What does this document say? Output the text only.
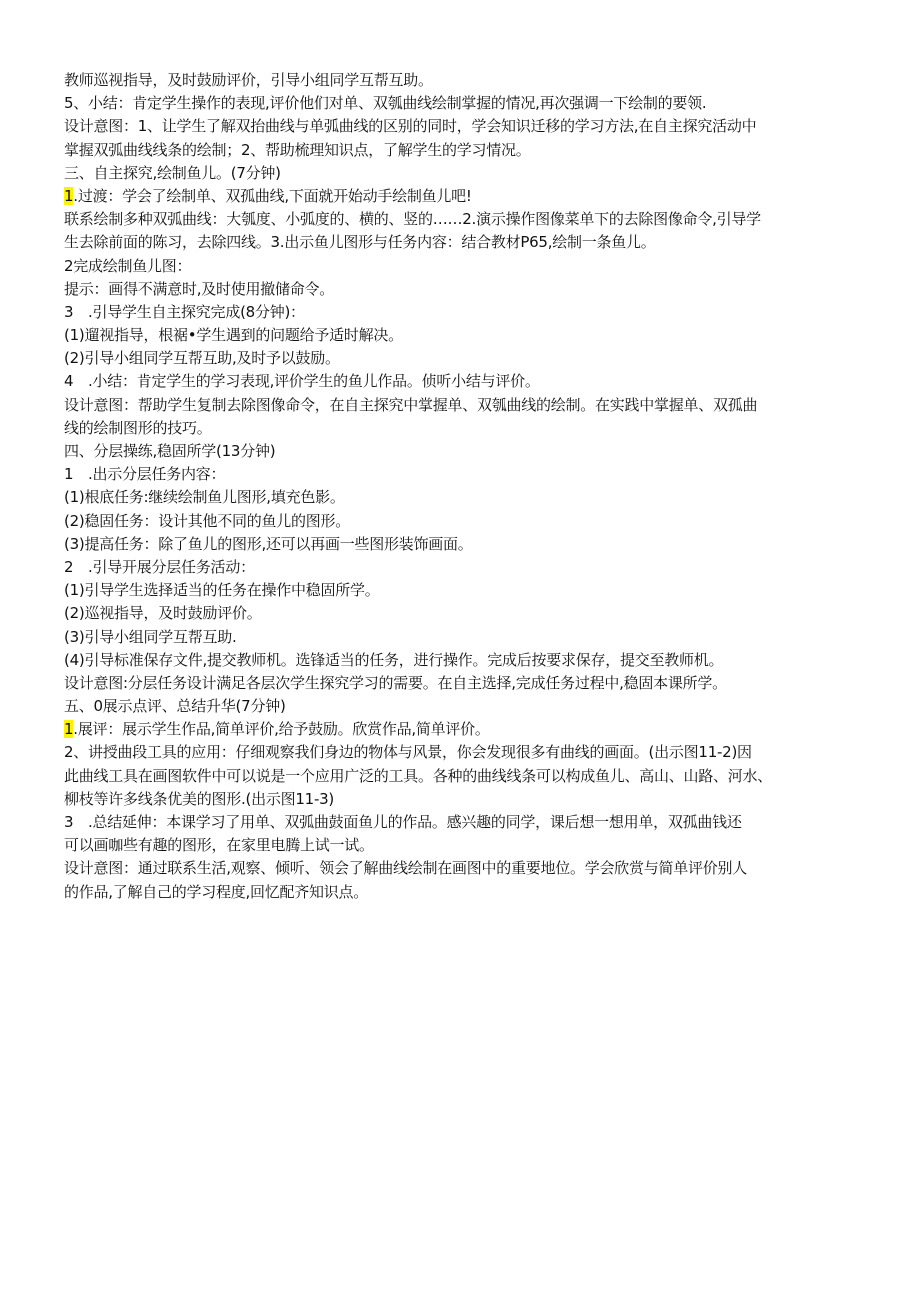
教师巡视指导，及时鼓励评价，引导小组同学互帮互助。
5、小结：肯定学生操作的表现,评价他们对单、双瓠曲线绘制掌握的情况,再次强调一下绘制的要领.
设计意图：1、让学生了解双抬曲线与单弧曲线的区别的同时，学会知识迁移的学习方法,在自主探究活动中
掌握双弧曲线线条的绘制；2、帮助梳理知识点，了解学生的学习情况。
三、自主探究,绘制鱼儿。(7分钟)
1.过渡：学会了绘制单、双孤曲线,下面就开始动手绘制鱼儿吧!
联系绘制多种双弧曲线：大瓠度、小弧度的、横的、竖的……2.演示操作图像菜单下的去除图像命令,引导学
生去除前面的陈习，去除四线。3.出示鱼儿图形与任务内容：结合教材P65,绘制一条鱼儿。
2完成绘制鱼儿图：
提示：画得不满意时,及时使用撤储命令。
3　.引导学生自主探究完成(8分钟)：
(1)遛视指导，根裾•学生遇到的问题给予适时解决。
(2)引导小组同学互帮互助,及时予以鼓励。
4　.小结：肯定学生的学习表现,评价学生的鱼儿作品。侦听小结与评价。
设计意图：帮助学生复制去除图像命令，在自主探究中掌握单、双瓠曲线的绘制。在实践中掌握单、双孤曲
线的绘制图形的技巧。
四、分层操练,稳固所学(13分钟)
1　.出示分层任务内容：
(1)根底任务:继续绘制鱼儿图形,填充色影。
(2)稳固任务：设计其他不同的鱼儿的图形。
(3)提高任务：除了鱼儿的图形,还可以再画一些图形装饰画面。
2　.引导开展分层任务活动：
(1)引导学生选择适当的任务在操作中稳固所学。
(2)巡视指导，及时鼓励评价。
(3)引导小组同学互帮互助.
(4)引导标准保存文件,提交教师机。选锋适当的任务，进行操作。完成后按要求保存，提交至教师机。
设计意图:分层任务设计满足各层次学生探究学习的需要。在自主选择,完成任务过程中,稳固本课所学。
五、0展示点评、总结升华(7分钟)
1.展评：展示学生作品,简单评价,给予鼓励。欣赏作品,简单评价。
2、讲授曲段工具的应用：仔细观察我们身边的物体与风景，你会发现很多有曲线的画面。(出示图11-2)因
此曲线工具在画图软件中可以说是一个应用广泛的工具。各种的曲线线条可以构成鱼儿、高山、山路、河水、
柳枝等许多线条优美的图形.(出示图11-3)
3　.总结延伸：本课学习了用单、双弧曲鼓面鱼儿的作品。感兴趣的同学，课后想一想用单，双孤曲钱还
可以画咖些有趣的图形，在家里电腾上试一试。
设计意图：通过联系生活,观察、倾听、领会了解曲线绘制在画图中的重要地位。学会欣赏与简单评价别人
的作品,了解自己的学习程度,回忆配齐知识点。
